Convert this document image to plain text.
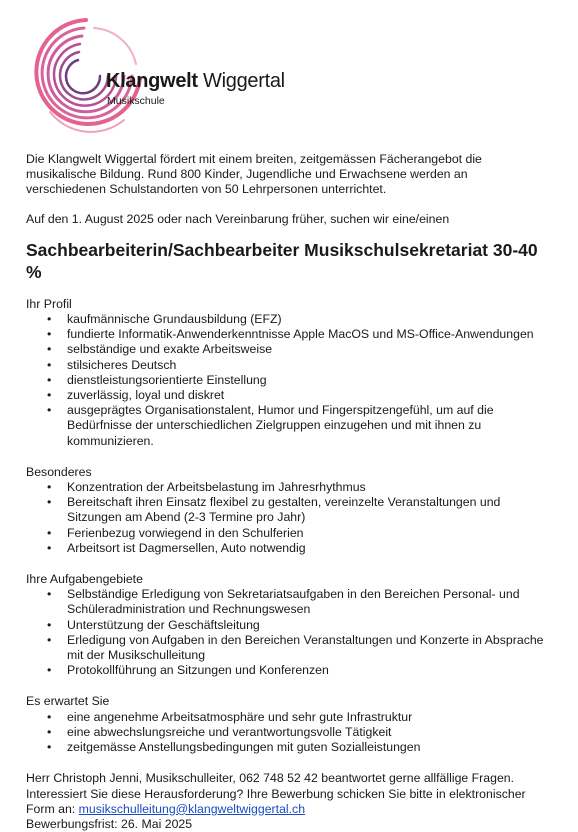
Klangwelt Wiggertal
Musikschule

Die Klangwelt Wiggertal fördert mit einem breiten, zeitgemässen Fächerangebot die musikalische Bildung. Rund 800 Kinder, Jugendliche und Erwachsene werden an verschiedenen Schulstandorten von 50 Lehrpersonen unterrichtet.

Auf den 1. August 2025 oder nach Vereinbarung früher, suchen wir eine/einen

Sachbearbeiterin/Sachbearbeiter Musikschulsekretariat 30-40 %

Ihr Profil

• kaufmännische Grundausbildung (EFZ)
• fundierte Informatik-Anwenderkenntnisse Apple MacOS und MS-Office-Anwendungen
• selbständige und exakte Arbeitsweise
• stilsicheres Deutsch
• dienstleistungsorientierte Einstellung
• zuverlässig, loyal und diskret
• ausgeprägtes Organisationstalent, Humor und Fingerspitzengefühl, um auf die Bedürfnisse der unterschiedlichen Zielgruppen einzugehen und mit ihnen zu kommunizieren.

Besonderes

• Konzentration der Arbeitsbelastung im Jahresrhythmus
• Bereitschaft ihren Einsatz flexibel zu gestalten, vereinzelte Veranstaltungen und Sitzungen am Abend (2-3 Termine pro Jahr)
• Ferienbezug vorwiegend in den Schulferien
• Arbeitsort ist Dagmersellen, Auto notwendig

Ihre Aufgabengebiete

• Selbständige Erledigung von Sekretariatsaufgaben in den Bereichen Personal- und Schüleradministration und Rechnungswesen
• Unterstützung der Geschäftsleitung
• Erledigung von Aufgaben in den Bereichen Veranstaltungen und Konzerte in Absprache mit der Musikschulleitung
• Protokollführung an Sitzungen und Konferenzen

Es erwartet Sie

• eine angenehme Arbeitsatmosphäre und sehr gute Infrastruktur
• eine abwechslungsreiche und verantwortungsvolle Tätigkeit
• zeitgemässe Anstellungsbedingungen mit guten Sozialleistungen

Herr Christoph Jenni, Musikschulleiter, 062 748 52 42 beantwortet gerne allfällige Fragen.

Interessiert Sie diese Herausforderung? Ihre Bewerbung schicken Sie bitte in elektronischer

Form an: musikschulleitung@klangweltwiggertal.ch

Bewerbungsfrist: 26. Mai 2025
